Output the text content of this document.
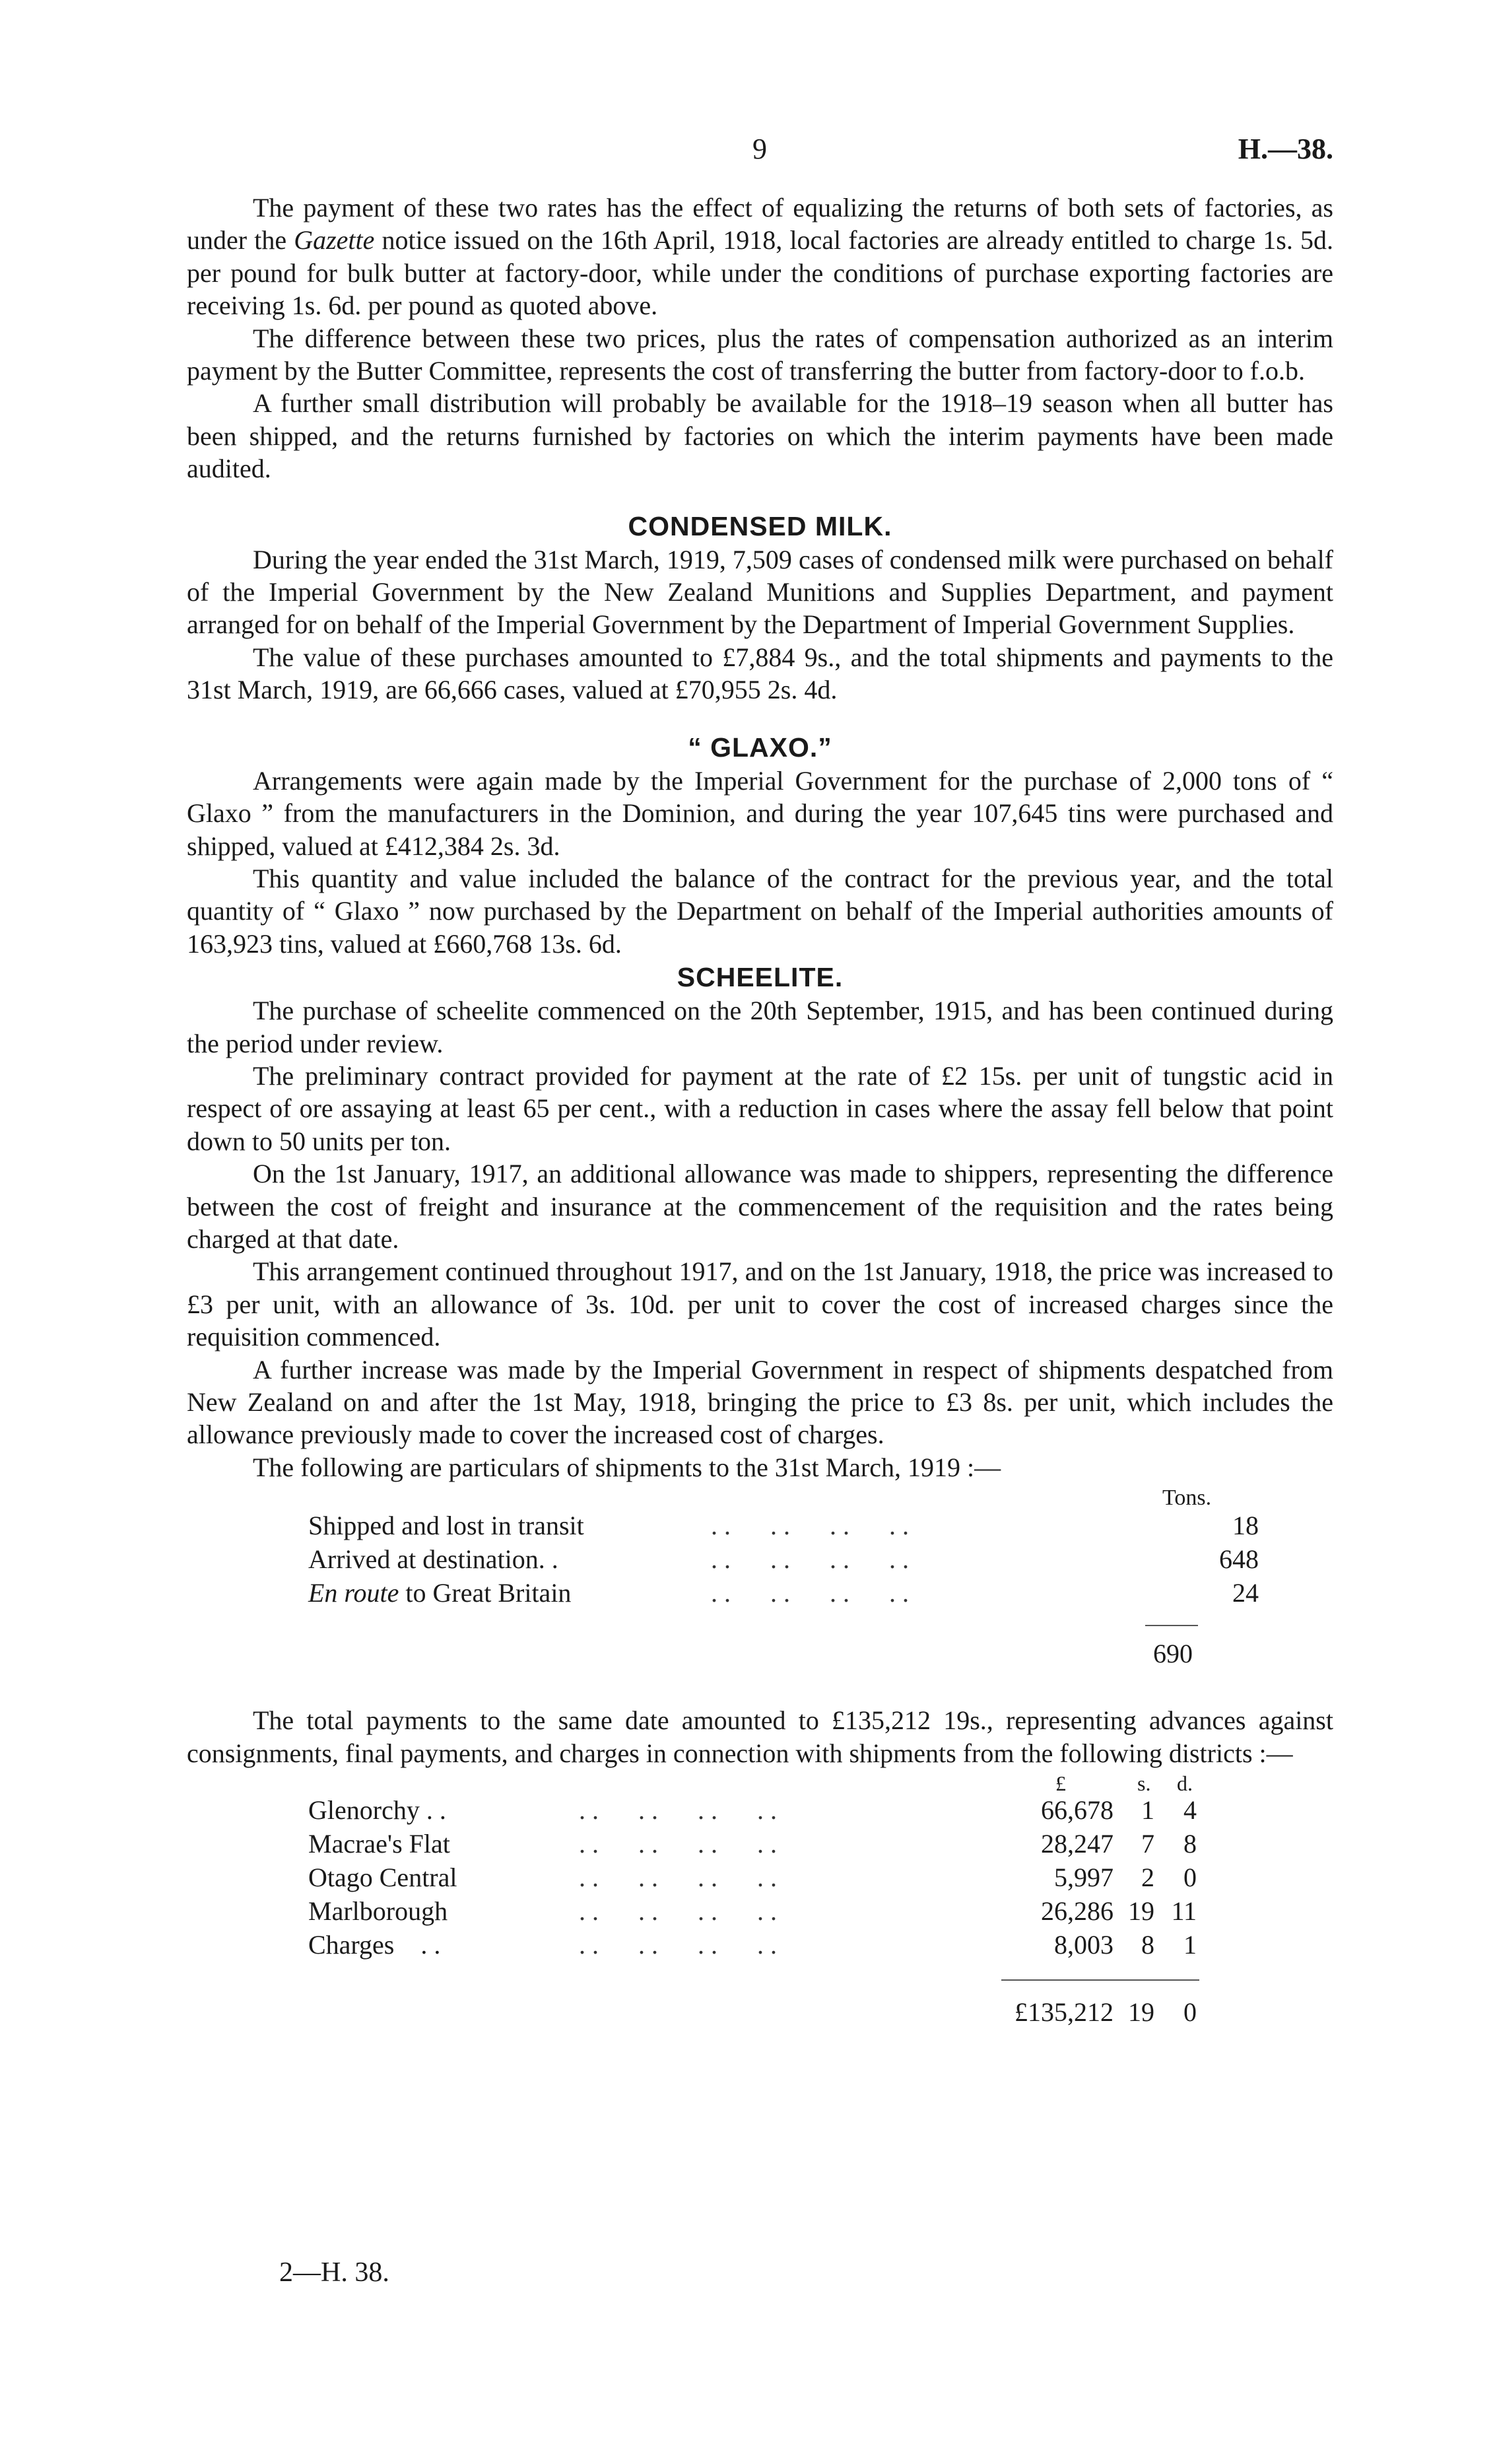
9	H.—38.

The payment of these two rates has the effect of equalizing the returns of both sets of factories, as under the Gazette notice issued on the 16th April, 1918, local factories are already entitled to charge 1s. 5d. per pound for bulk butter at factory-door, while under the conditions of purchase exporting factories are receiving 1s. 6d. per pound as quoted above.

The difference between these two prices, plus the rates of compensation authorized as an interim payment by the Butter Committee, represents the cost of transferring the butter from factory-door to f.o.b.

A further small distribution will probably be available for the 1918–19 season when all butter has been shipped, and the returns furnished by factories on which the interim payments have been made audited.

CONDENSED MILK.

During the year ended the 31st March, 1919, 7,509 cases of condensed milk were purchased on behalf of the Imperial Government by the New Zealand Munitions and Supplies Department, and payment arranged for on behalf of the Imperial Government by the Department of Imperial Government Supplies.

The value of these purchases amounted to £7,884 9s., and the total shipments and payments to the 31st March, 1919, are 66,666 cases, valued at £70,955 2s. 4d.

“ GLAXO.”

Arrangements were again made by the Imperial Government for the purchase of 2,000 tons of “ Glaxo ” from the manufacturers in the Dominion, and during the year 107,645 tins were purchased and shipped, valued at £412,384 2s. 3d.

This quantity and value included the balance of the contract for the previous year, and the total quantity of “ Glaxo ” now purchased by the Department on behalf of the Imperial authorities amounts of 163,923 tins, valued at £660,768 13s. 6d.

SCHEELITE.

The purchase of scheelite commenced on the 20th September, 1915, and has been continued during the period under review.

The preliminary contract provided for payment at the rate of £2 15s. per unit of tungstic acid in respect of ore assaying at least 65 per cent., with a reduction in cases where the assay fell below that point down to 50 units per ton.

On the 1st January, 1917, an additional allowance was made to shippers, representing the difference between the cost of freight and insurance at the commencement of the requisition and the rates being charged at that date.

This arrangement continued throughout 1917, and on the 1st January, 1918, the price was increased to £3 per unit, with an allowance of 3s. 10d. per unit to cover the cost of increased charges since the requisition commenced.

A further increase was made by the Imperial Government in respect of shipments despatched from New Zealand on and after the 1st May, 1918, bringing the price to £3 8s. per unit, which includes the allowance previously made to cover the increased cost of charges.

The following are particulars of shipments to the 31st March, 1919 :—

Tons.
Shipped and lost in transit	. .      . .      . .      . .	18
Arrived at destination. .	. .      . .      . .      . .	648
En route to Great Britain	. .      . .      . .      . .	24
690

The total payments to the same date amounted to £135,212 19s., representing advances against consignments, final payments, and charges in connection with shipments from the following districts :—

£	s. d.
Glenorchy . .	. .      . .      . .      . .	66,678	1	4
Macrae's Flat	. .      . .      . .      . .	28,247	7	8
Otago Central	. .      . .      . .      . .	5,997	2	0
Marlborough	. .      . .      . .      . .	26,286 19 11
Charges    . .	. .      . .      . .      . .	8,003	8	1
£135,212 19	0
2—H. 38.
